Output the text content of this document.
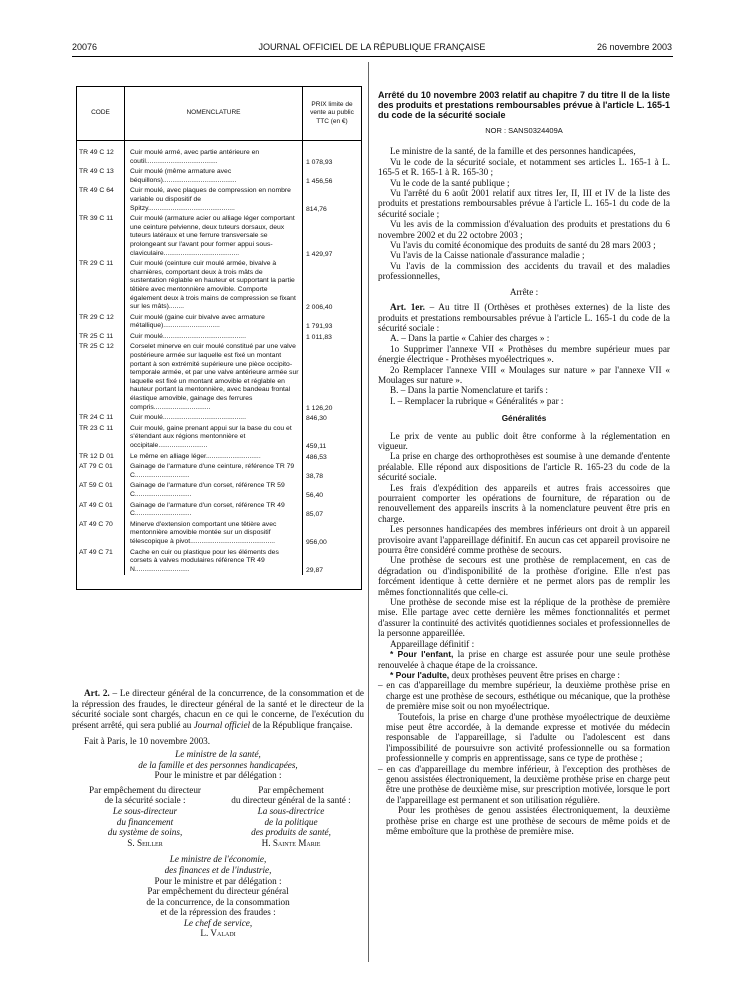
20076	JOURNAL OFFICIEL DE LA RÉPUBLIQUE FRANÇAISE	26 novembre 2003
CODE	NOMENCLATURE
PRIX limite de vente au public TTC (en €)
TR 49 C 12	Cuir moulé armé, avec partie antérieure en coutil......................................	1 078,93
TR 49 C 13	Cuir moulé (même armature avec béquillons).......................................	1 456,56
TR 49 C 64	Cuir moulé, avec plaques de compression en nombre variable ou dispositif de Spitzy..............................................	814,76
TR 39 C 11	Cuir moulé (armature acier ou alliage léger comportant une ceinture pelvienne, deux tuteurs dorsaux, deux tuteurs latéraux et une ferrure transversale se prolongeant sur l'avant pour former appui sous-claviculaire........................................	1 429,97
TR 29 C 11	Cuir moulé (ceinture cuir moulé armée, bivalve à charnières, comportant deux à trois mâts de sustentation réglable en hauteur et supportant la partie têtière avec mentonnière amovible. Comporte également deux à trois mains de compression se fixant sur les mâts)........	2 006,40
TR 29 C 12	Cuir moulé (gaine cuir bivalve avec armature métallique)..............................	1 791,93
TR 25 C 11	Cuir moulé............................................	1 011,83
TR 25 C 12	Corselet minerve en cuir moulé constitué par une valve postérieure armée sur laquelle est fixé un montant portant à son extrémité supérieure une pièce occipito-temporale armée, et par une valve antérieure armée sur laquelle est fixé un montant amovible et réglable en hauteur portant la mentonnière, avec bandeau frontal élastique amovible, gainage des ferrures compris..............................	1 126,20
TR 24 C 11	Cuir moulé............................................	846,30
TR 23 C 11	Cuir moulé, gaine prenant appui sur la base du cou et s'étendant aux régions mentonnière et occipitale..........................	459,11
TR 12 D 01	Le même en alliage léger.............................	486,53
AT 79 C 01	Gainage de l'armature d'une ceinture, référence TR 79 C.............................	38,78
AT 59 C 01	Gainage de l'armature d'un corset, référence TR 59 C..............................	56,40
AT 49 C 01	Gainage de l'armature d'un corset, référence TR 49 C..............................	85,07
AT 49 C 70	Minerve d'extension comportant une têtière avec mentonnière amovible montée sur un dispositif télescopique à pivot.............................................	956,00
AT 49 C 71	Cache en cuir ou plastique pour les éléments des corsets à valves modulaires référence TR 49 N.............................	29,87

Art. 2. – Le directeur général de la concurrence, de la consommation et de la répression des fraudes, le directeur général de la santé et le directeur de la sécurité sociale sont chargés, chacun en ce qui le concerne, de l'exécution du présent arrêté, qui sera publié au Journal officiel de la République française.

Fait à Paris, le 10 novembre 2003.

Le ministre de la santé,
de la famille et des personnes handicapées,
Pour le ministre et par délégation :
Par empêchement du directeur
de la sécurité sociale :
Le sous-directeur
du financement
du système de soins,
S. Seiller
Par empêchement
du directeur général de la santé :
La sous-directrice
de la politique
des produits de santé,
H. Sainte Marie
Le ministre de l'économie,
des finances et de l'industrie,
Pour le ministre et par délégation :
Par empêchement du directeur général
de la concurrence, de la consommation
et de la répression des fraudes :
Le chef de service,
L. Valadi
Arrêté du 10 novembre 2003 relatif au chapitre 7 du titre II de la liste des produits et prestations remboursables prévue à l'article L. 165-1 du code de la sécurité sociale
NOR : SANS0324409A

Le ministre de la santé, de la famille et des personnes handicapées,

Vu le code de la sécurité sociale, et notamment ses articles L. 165-1 à L. 165-5 et R. 165-1 à R. 165-30 ;

Vu le code de la santé publique ;

Vu l'arrêté du 6 août 2001 relatif aux titres Ier, II, III et IV de la liste des produits et prestations remboursables prévue à l'article L. 165-1 du code de la sécurité sociale ;

Vu les avis de la commission d'évaluation des produits et prestations du 6 novembre 2002 et du 22 octobre 2003 ;

Vu l'avis du comité économique des produits de santé du 28 mars 2003 ;

Vu l'avis de la Caisse nationale d'assurance maladie ;

Vu l'avis de la commission des accidents du travail et des maladies professionnelles,

Arrête :

Art. 1er. – Au titre II (Orthèses et prothèses externes) de la liste des produits et prestations remboursables prévue à l'article L. 165-1 du code de la sécurité sociale :

A. – Dans la partie « Cahier des charges » :

1o Supprimer l'annexe VII « Prothèses du membre supérieur mues par énergie électrique - Prothèses myoélectriques ».

2o Remplacer l'annexe VIII « Moulages sur nature » par l'annexe VII « Moulages sur nature ».

B. – Dans la partie Nomenclature et tarifs :

I. – Remplacer la rubrique « Généralités » par :

Généralités

Le prix de vente au public doit être conforme à la réglementation en vigueur.

La prise en charge des orthoprothèses est soumise à une demande d'entente préalable. Elle répond aux dispositions de l'article R. 165-23 du code de la sécurité sociale.

Les frais d'expédition des appareils et autres frais accessoires que pourraient comporter les opérations de fourniture, de réparation ou de renouvellement des appareils inscrits à la nomenclature peuvent être pris en charge.

Les personnes handicapées des membres inférieurs ont droit à un appareil provisoire avant l'appareillage définitif. En aucun cas cet appareil provisoire ne pourra être considéré comme prothèse de secours.

Une prothèse de secours est une prothèse de remplacement, en cas de dégradation ou d'indisponibilité de la prothèse d'origine. Elle n'est pas forcément identique à cette dernière et ne permet alors pas de remplir les mêmes fonctionnalités que celle-ci.

Une prothèse de seconde mise est la réplique de la prothèse de première mise. Elle partage avec cette dernière les mêmes fonctionnalités et permet d'assurer la continuité des activités quotidiennes sociales et professionnelles de la personne appareillée.

Appareillage définitif :

* Pour l'enfant, la prise en charge est assurée pour une seule prothèse renouvelée à chaque étape de la croissance.

* Pour l'adulte, deux prothèses peuvent être prises en charge :

– en cas d'appareillage du membre supérieur, la deuxième prothèse prise en charge est une prothèse de secours, esthétique ou mécanique, que la prothèse de première mise soit ou non myoélectrique.

Toutefois, la prise en charge d'une prothèse myoélectrique de deuxième mise peut être accordée, à la demande expresse et motivée du médecin responsable de l'appareillage, si l'adulte ou l'adolescent est dans l'impossibilité de poursuivre son activité professionnelle ou sa formation professionnelle y compris en apprentissage, sans ce type de prothèse ;

– en cas d'appareillage du membre inférieur, à l'exception des prothèses de genou assistées électroniquement, la deuxième prothèse prise en charge peut être une prothèse de deuxième mise, sur prescription motivée, lorsque le port de l'appareillage est permanent et son utilisation régulière.

Pour les prothèses de genou assistées électroniquement, la deuxième prothèse prise en charge est une prothèse de secours de même poids et de même emboîture que la prothèse de première mise.
